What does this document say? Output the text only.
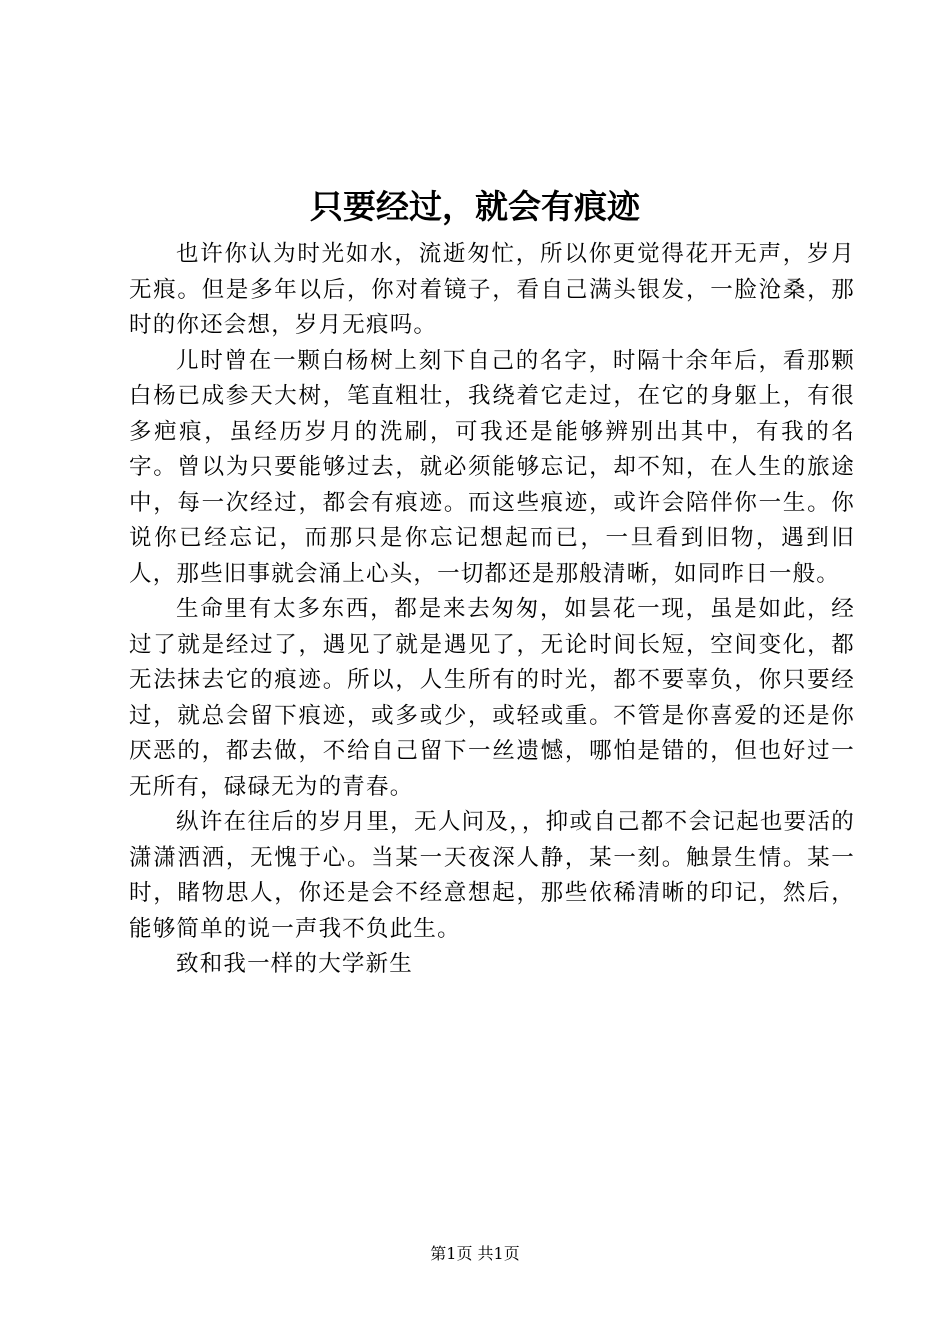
只要经过，就会有痕迹

也许你认为时光如水，流逝匆忙，所以你更觉得花开无声，岁月无痕。但是多年以后，你对着镜子，看自己满头银发，一脸沧桑，那时的你还会想，岁月无痕吗。

儿时曾在一颗白杨树上刻下自己的名字，时隔十余年后，看那颗白杨已成参天大树，笔直粗壮，我绕着它走过，在它的身躯上，有很多疤痕，虽经历岁月的洗刷，可我还是能够辨别出其中，有我的名字。曾以为只要能够过去，就必须能够忘记，却不知，在人生的旅途中，每一次经过，都会有痕迹。而这些痕迹，或许会陪伴你一生。你说你已经忘记，而那只是你忘记想起而已，一旦看到旧物，遇到旧人，那些旧事就会涌上心头，一切都还是那般清晰，如同昨日一般。

生命里有太多东西，都是来去匆匆，如昙花一现，虽是如此，经过了就是经过了，遇见了就是遇见了，无论时间长短，空间变化，都无法抹去它的痕迹。所以，人生所有的时光，都不要辜负，你只要经过，就总会留下痕迹，或多或少，或轻或重。不管是你喜爱的还是你厌恶的，都去做，不给自己留下一丝遗憾，哪怕是错的，但也好过一无所有，碌碌无为的青春。

纵许在往后的岁月里，无人问及，，抑或自己都不会记起也要活的潇潇洒洒，无愧于心。当某一天夜深人静，某一刻。触景生情。某一时，睹物思人，你还是会不经意想起，那些依稀清晰的印记，然后，能够简单的说一声我不负此生。

致和我一样的大学新生

第1页 共1页
